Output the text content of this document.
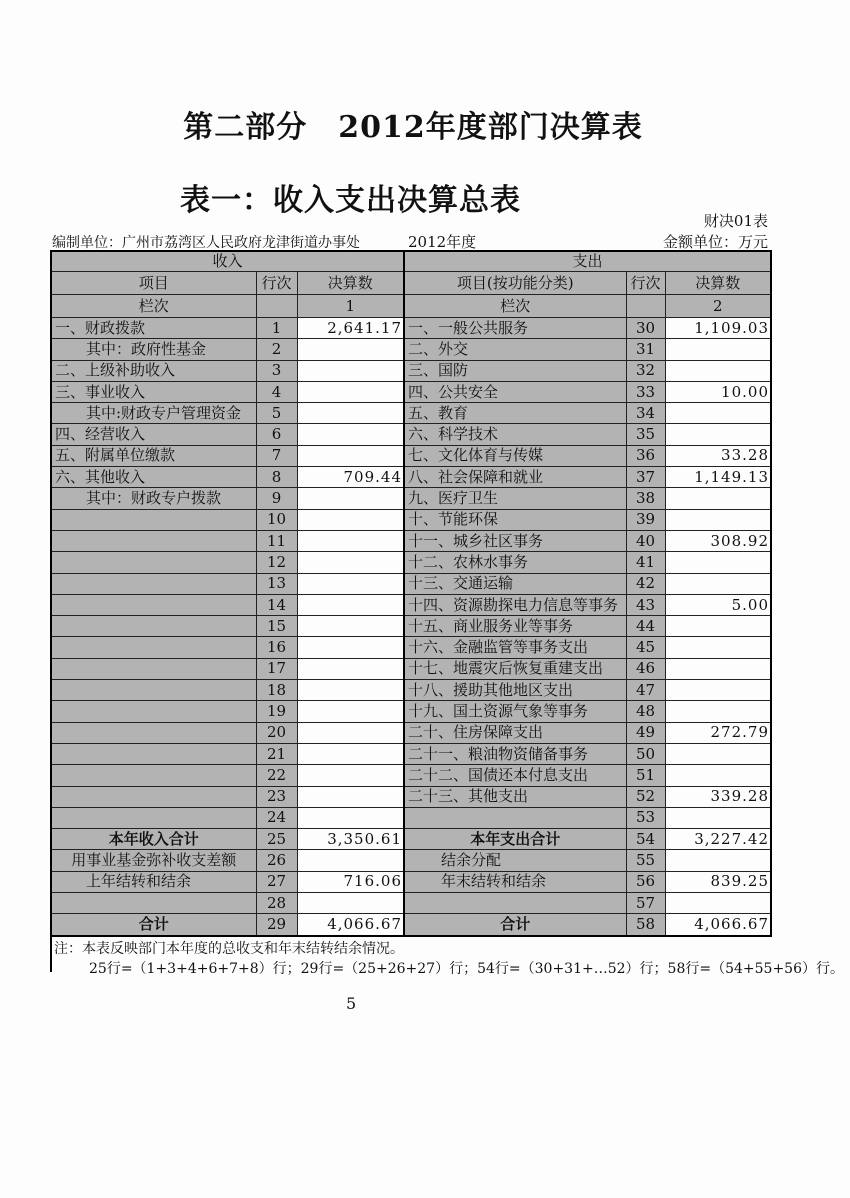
第二部分　2012年度部门决算表
表一：收入支出决算总表
财决01表
编制单位：广州市荔湾区人民政府龙津街道办事处	2012年度	金额单位：万元
收入			支出		
项目	行次	决算数	项目(按功能分类)	行次	决算数
栏次		1	栏次		2
一、财政拨款	1	2,641.17	一、一般公共服务	30	1,109.03
其中：政府性基金	2		二、外交	31	
二、上级补助收入	3		三、国防	32	
三、事业收入	4		四、公共安全	33	10.00
其中:财政专户管理资金	5		五、教育	34	
四、经营收入	6		六、科学技术	35	
五、附属单位缴款	7		七、文化体育与传媒	36	33.28
六、其他收入	8	709.44	八、社会保障和就业	37	1,149.13
其中：财政专户拨款	9		九、医疗卫生	38	
	10		十、节能环保	39	
	11		十一、城乡社区事务	40	308.92
	12		十二、农林水事务	41	
	13		十三、交通运输	42	
	14		十四、资源勘探电力信息等事务	43	5.00
	15		十五、商业服务业等事务	44	
	16		十六、金融监管等事务支出	45	
	17		十七、地震灾后恢复重建支出	46	
	18		十八、援助其他地区支出	47	
	19		十九、国土资源气象等事务	48	
	20		二十、住房保障支出	49	272.79
	21		二十一、粮油物资储备事务	50	
	22		二十二、国债还本付息支出	51	
	23		二十三、其他支出	52	339.28
	24			53	
本年收入合计	25	3,350.61	本年支出合计	54	3,227.42
用事业基金弥补收支差额	26		结余分配	55	
上年结转和结余	27	716.06	年末结转和结余	56	839.25
	28			57	
合计	29	4,066.67	合计	58	4,066.67
注：本表反映部门本年度的总收支和年末结转结余情况。
25行=（1+3+4+6+7+8）行；29行=（25+26+27）行；54行=（30+31+…52）行；58行=（54+55+56）行。
5
